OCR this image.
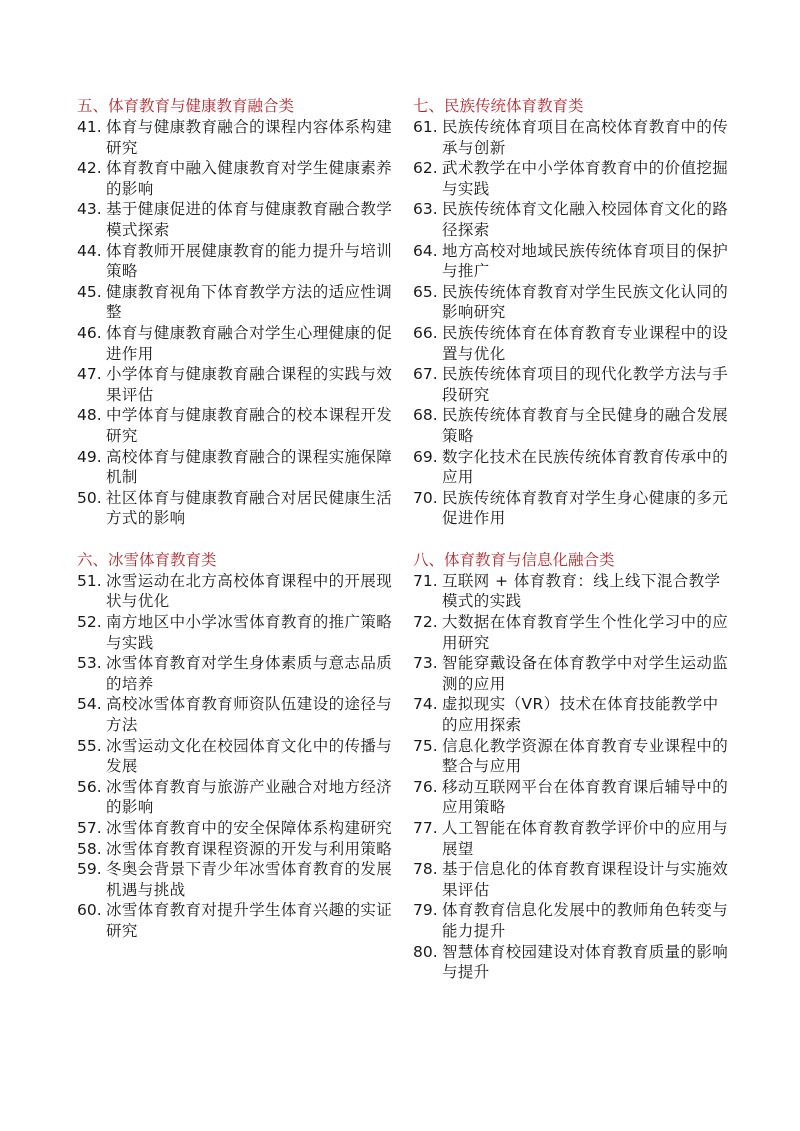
五、体育教育与健康教育融合类
41. 体育与健康教育融合的课程内容体系构建研究
42. 体育教育中融入健康教育对学生健康素养的影响
43. 基于健康促进的体育与健康教育融合教学模式探索
44. 体育教师开展健康教育的能力提升与培训策略
45. 健康教育视角下体育教学方法的适应性调整
46. 体育与健康教育融合对学生心理健康的促进作用
47. 小学体育与健康教育融合课程的实践与效果评估
48. 中学体育与健康教育融合的校本课程开发研究
49. 高校体育与健康教育融合的课程实施保障机制
50. 社区体育与健康教育融合对居民健康生活方式的影响
六、冰雪体育教育类
51. 冰雪运动在北方高校体育课程中的开展现状与优化
52. 南方地区中小学冰雪体育教育的推广策略与实践
53. 冰雪体育教育对学生身体素质与意志品质的培养
54. 高校冰雪体育教育师资队伍建设的途径与方法
55. 冰雪运动文化在校园体育文化中的传播与发展
56. 冰雪体育教育与旅游产业融合对地方经济的影响
57. 冰雪体育教育中的安全保障体系构建研究
58. 冰雪体育教育课程资源的开发与利用策略
59. 冬奥会背景下青少年冰雪体育教育的发展机遇与挑战
60. 冰雪体育教育对提升学生体育兴趣的实证研究
七、民族传统体育教育类
61. 民族传统体育项目在高校体育教育中的传承与创新
62. 武术教学在中小学体育教育中的价值挖掘与实践
63. 民族传统体育文化融入校园体育文化的路径探索
64. 地方高校对地域民族传统体育项目的保护与推广
65. 民族传统体育教育对学生民族文化认同的影响研究
66. 民族传统体育在体育教育专业课程中的设置与优化
67. 民族传统体育项目的现代化教学方法与手段研究
68. 民族传统体育教育与全民健身的融合发展策略
69. 数字化技术在民族传统体育教育传承中的应用
70. 民族传统体育教育对学生身心健康的多元促进作用
八、体育教育与信息化融合类
71. 互联网 + 体育教育：线上线下混合教学模式的实践
72. 大数据在体育教育学生个性化学习中的应用研究
73. 智能穿戴设备在体育教学中对学生运动监测的应用
74. 虚拟现实（VR）技术在体育技能教学中的应用探索
75. 信息化教学资源在体育教育专业课程中的整合与应用
76. 移动互联网平台在体育教育课后辅导中的应用策略
77. 人工智能在体育教育教学评价中的应用与展望
78. 基于信息化的体育教育课程设计与实施效果评估
79. 体育教育信息化发展中的教师角色转变与能力提升
80. 智慧体育校园建设对体育教育质量的影响与提升
